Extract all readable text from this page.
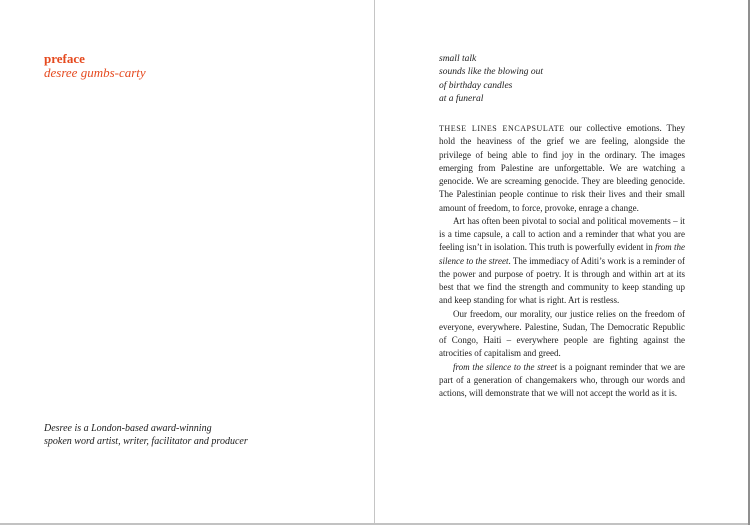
preface
desree gumbs-carty
Desree is a London-based award-winning
spoken word artist, writer, facilitator and producer
small talk
sounds like the blowing out
of birthday candles
at a funeral

THESE LINES ENCAPSULATE our collective emotions. They hold the heaviness of the grief we are feeling, alongside the privilege of being able to find joy in the ordinary. The images emerging from Palestine are unforgettable. We are watching a genocide. We are screaming genocide. They are bleeding genocide. The Palestinian people continue to risk their lives and their small amount of freedom, to force, provoke, enrage a change.

Art has often been pivotal to social and political movements – it is a time capsule, a call to action and a reminder that what you are feeling isn’t in isolation. This truth is powerfully evident in from the silence to the street. The immediacy of Aditi’s work is a reminder of the power and purpose of poetry. It is through and within art at its best that we find the strength and community to keep standing up and keep standing for what is right. Art is restless.

Our freedom, our morality, our justice relies on the freedom of everyone, everywhere. Palestine, Sudan, The Democratic Republic of Congo, Haiti – everywhere people are fighting against the atrocities of capitalism and greed.

from the silence to the street is a poignant reminder that we are part of a generation of changemakers who, through our words and actions, will demonstrate that we will not accept the world as it is.
